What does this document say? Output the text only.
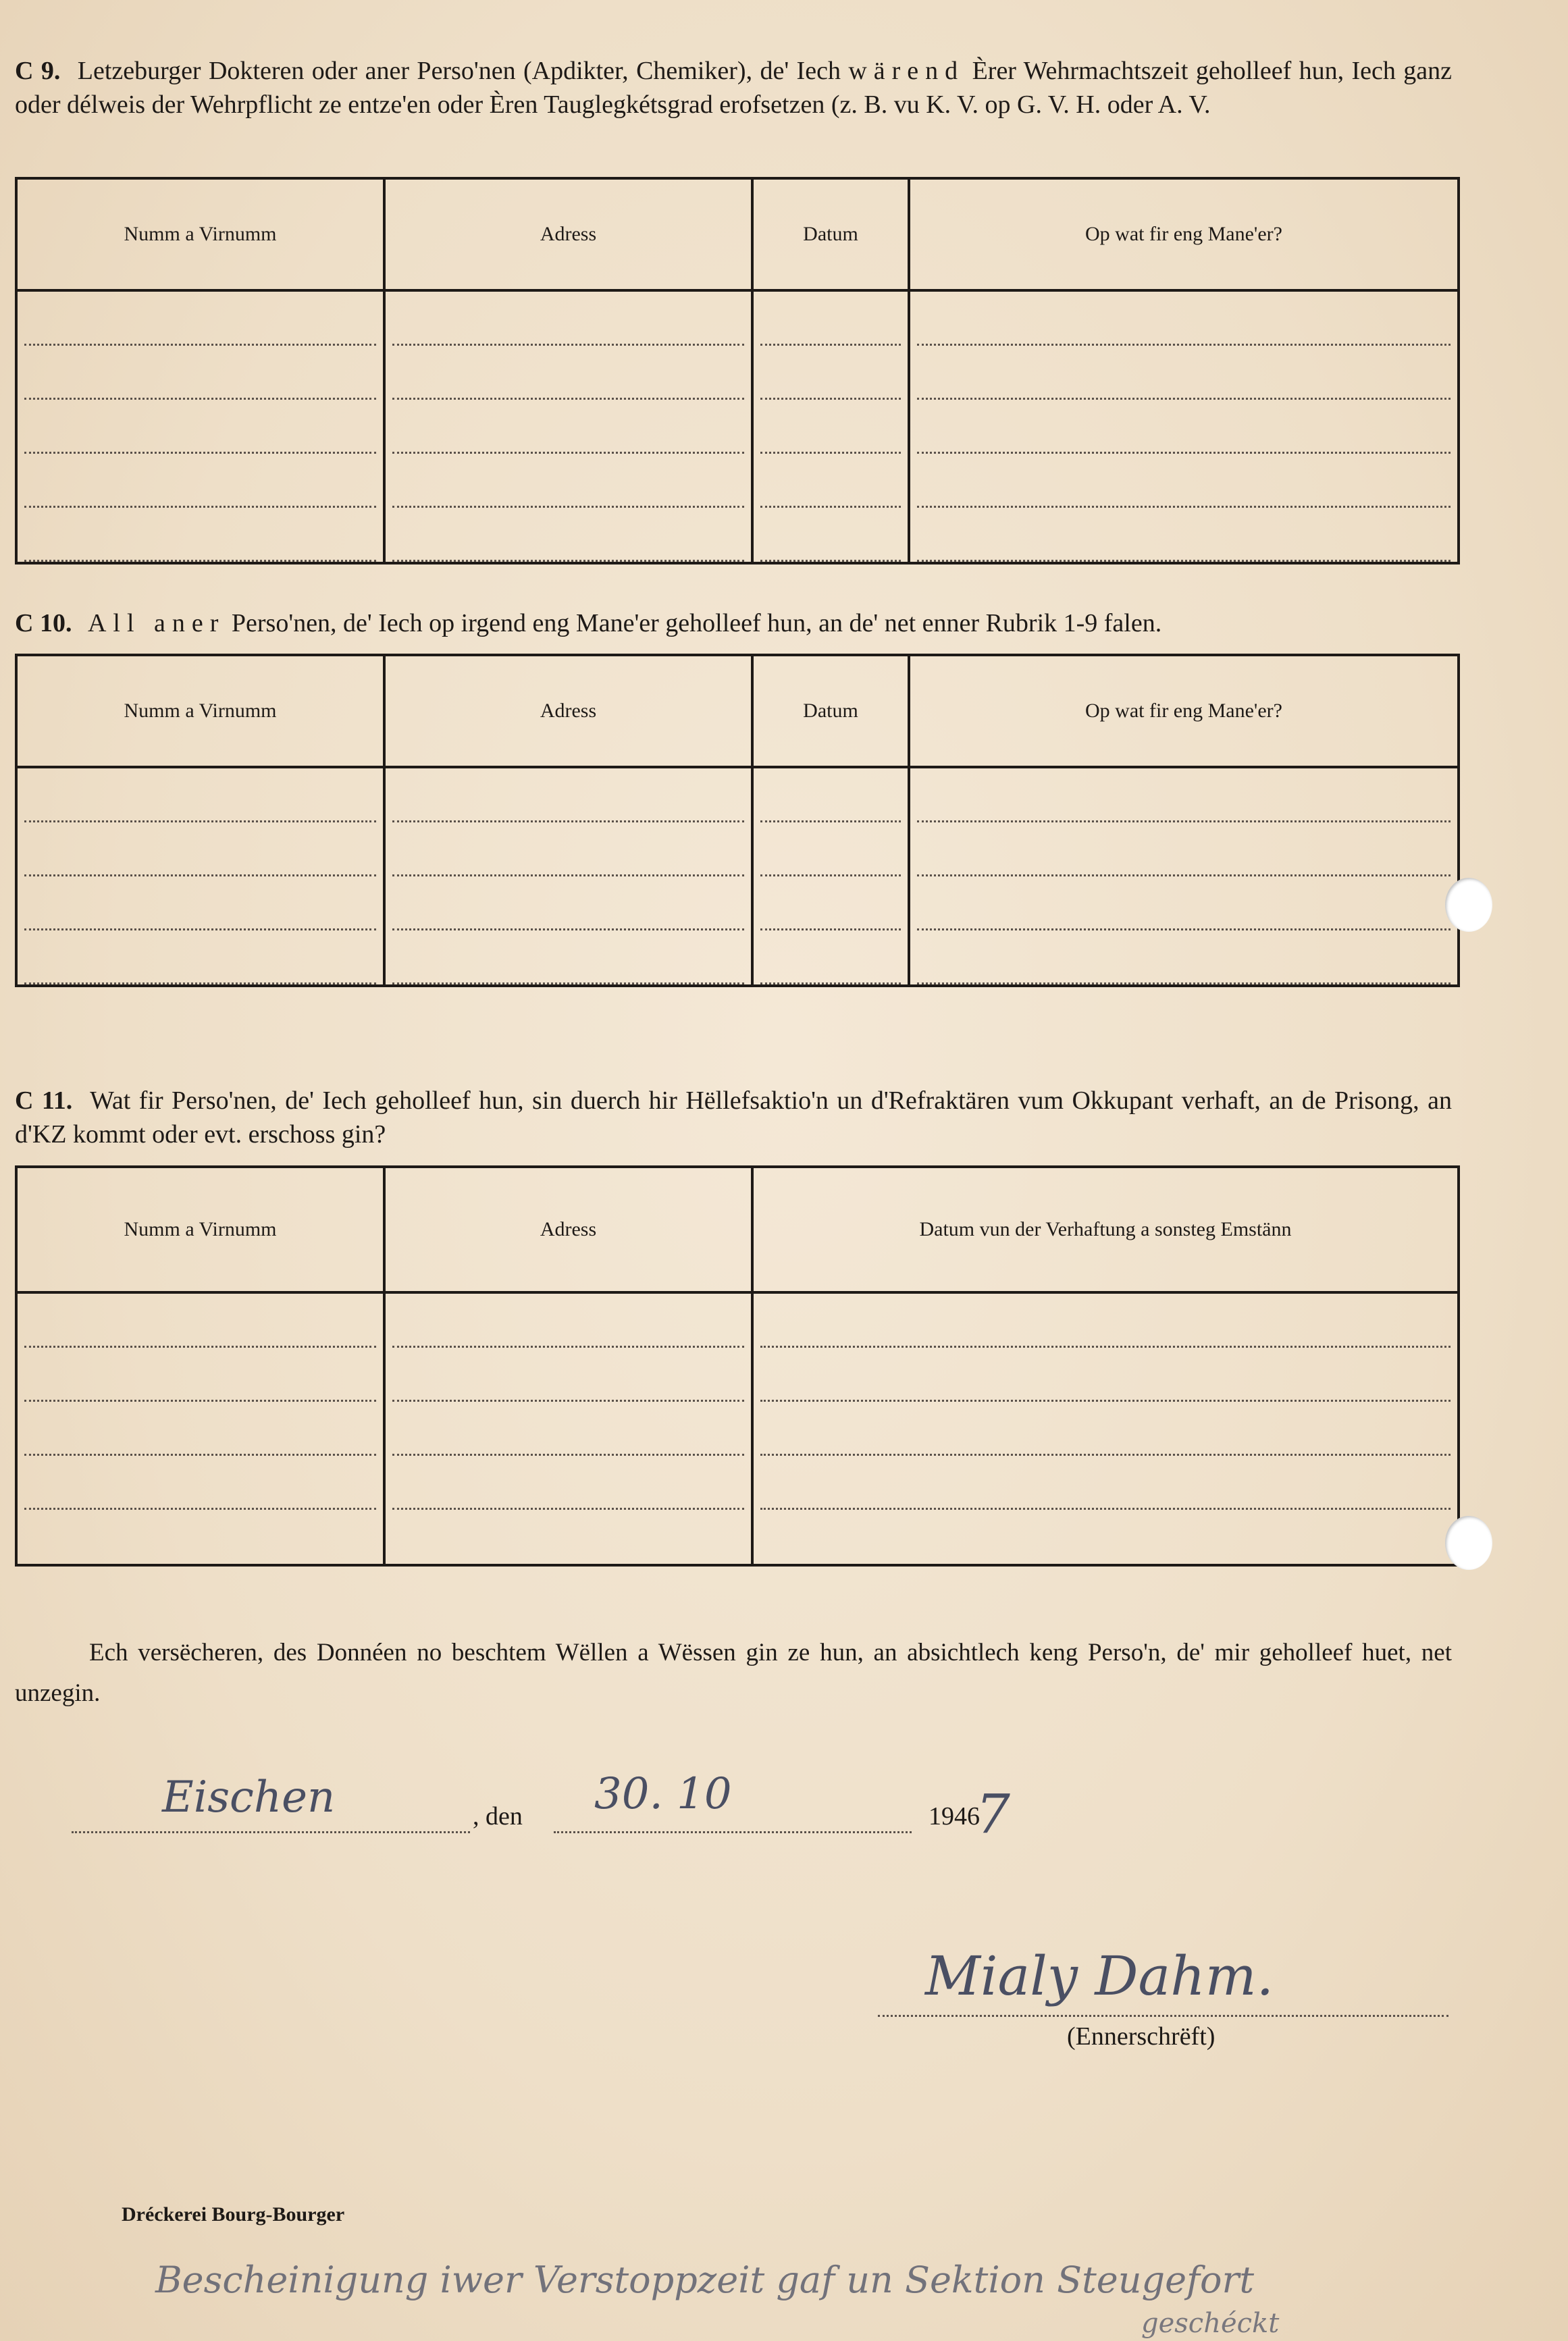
C 9. Letzeburger Dokteren oder aner Perso'nen (Apdikter, Chemiker), de' Iech wärend Èrer Wehrmachtszeit geholleef hun, Iech ganz oder délweis der Wehrpflicht ze entze'en oder Èren Tauglegkétsgrad erofsetzen (z. B. vu K. V. op G. V. H. oder A. V.
Numm a Virnumm	Adress	Datum	Op wat fir eng Mane'er?

C 10. All aner Perso'nen, de' Iech op irgend eng Mane'er geholleef hun, an de' net enner Rubrik 1-9 falen.
Numm a Virnumm	Adress	Datum	Op wat fir eng Mane'er?

C 11. Wat fir Perso'nen, de' Iech geholleef hun, sin duerch hir Hëllefsaktio'n un d'Refraktären vum Okkupant verhaft, an de Prisong, an d'KZ kommt oder evt. erschoss gin?
Numm a Virnumm	Adress	Datum vun der Verhaftung a sonsteg Emstänn

Ech versëcheren, des Donnéen no beschtem Wëllen a Wëssen gin ze hun, an absichtlech keng Perso'n, de' mir geholleef huet, net unzegin.
Eischen	, den 30. 10	1946
7
Mialy Dahm.
(Ennerschrëft)
Dréckerei Bourg-Bourger
Bescheinigung iwer Verstoppzeit gaf un Sektion Steugefort
geschéckt
